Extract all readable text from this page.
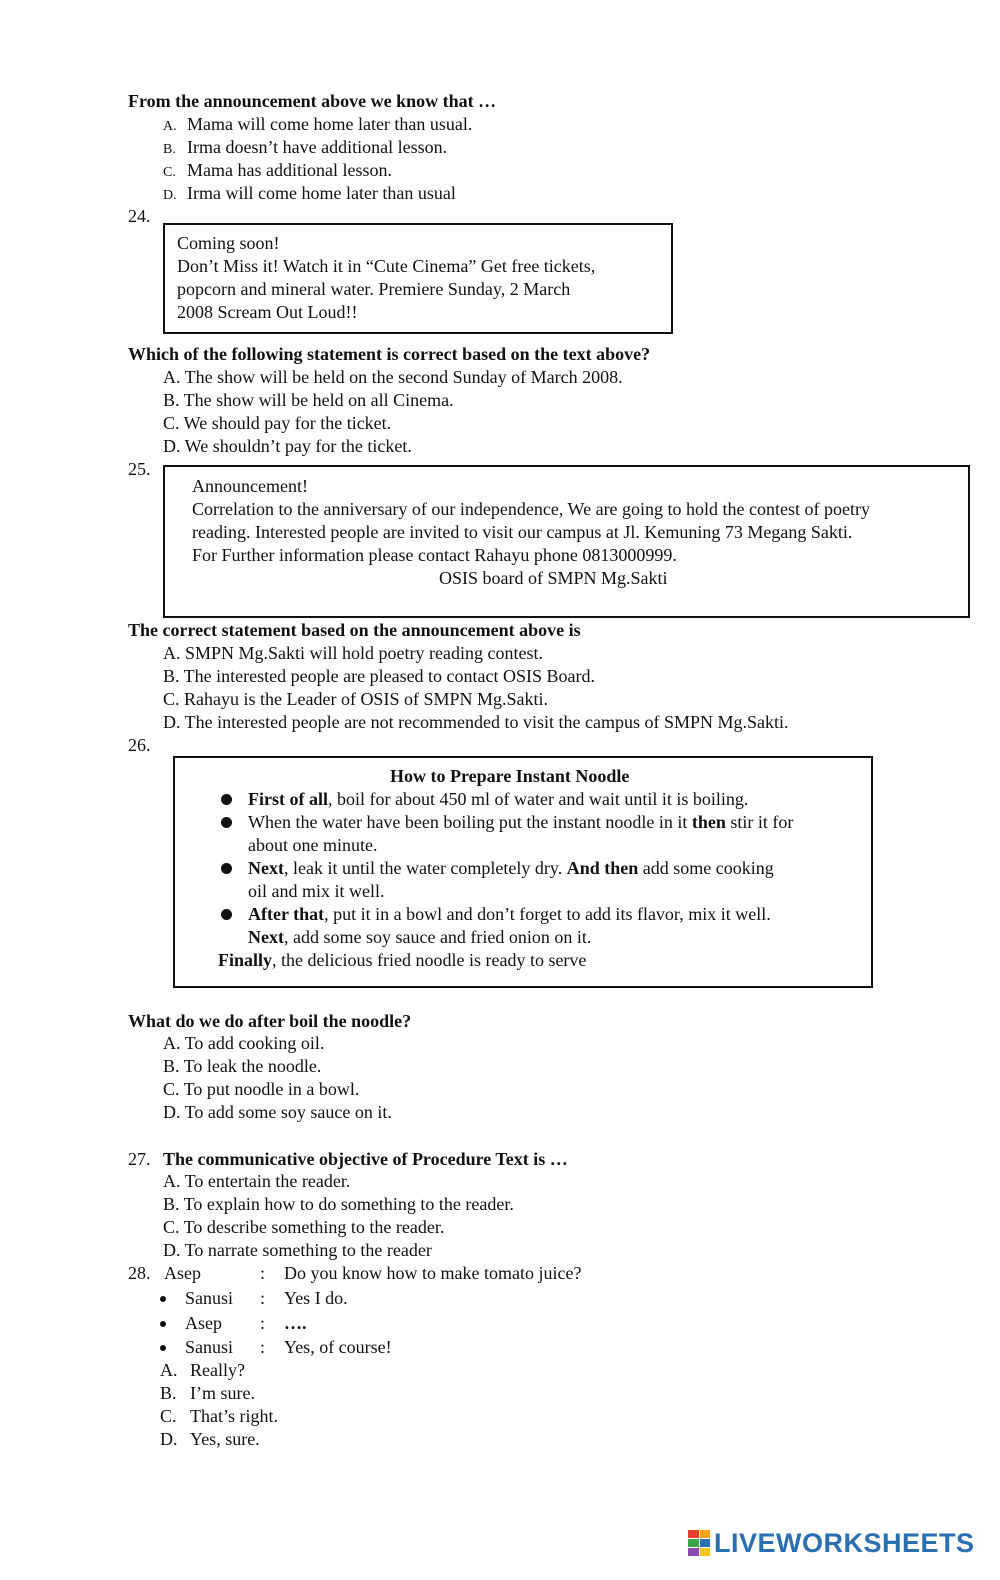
From the announcement above we know that …
A. Mama will come home later than usual.
B. Irma doesn’t have additional lesson.
C. Mama has additional lesson.
D. Irma will come home later than usual
24.
Coming soon!
Don’t Miss it! Watch it in “Cute Cinema” Get free tickets,
popcorn and mineral water. Premiere Sunday, 2 March
2008 Scream Out Loud!!
Which of the following statement is correct based on the text above?
A. The show will be held on the second Sunday of March 2008.
B. The show will be held on all Cinema.
C. We should pay for the ticket.
D. We shouldn’t pay for the ticket.
25.
Announcement!
Correlation to the anniversary of our independence, We are going to hold the contest of poetry
reading. Interested people are invited to visit our campus at Jl. Kemuning 73 Megang Sakti.
For Further information please contact Rahayu phone 0813000999.
OSIS board of SMPN Mg.Sakti
The correct statement based on the announcement above is
A. SMPN Mg.Sakti will hold poetry reading contest.
B. The interested people are pleased to contact OSIS Board.
C. Rahayu is the Leader of OSIS of SMPN Mg.Sakti.
D. The interested people are not recommended to visit the campus of SMPN Mg.Sakti.
26.
How to Prepare Instant Noodle
First of all, boil for about 450 ml of water and wait until it is boiling.
When the water have been boiling put the instant noodle in it then stir it for
about one minute.
Next, leak it until the water completely dry. And then add some cooking
oil and mix it well.
After that, put it in a bowl and don’t forget to add its flavor, mix it well.
Next, add some soy sauce and fried onion on it.
Finally, the delicious fried noodle is ready to serve
What do we do after boil the noodle?
A. To add cooking oil.
B. To leak the noodle.
C. To put noodle in a bowl.
D. To add some soy sauce on it.
27. The communicative objective of Procedure Text is …
A. To entertain the reader.
B. To explain how to do something to the reader.
C. To describe something to the reader.
D. To narrate something to the reader
28. Asep	: Do you know how to make tomato juice?
Sanusi : Yes I do.
Asep : ….
Sanusi : Yes, of course!
A. Really?
B. I’m sure.
C. That’s right.
D. Yes, sure.
LIVEWORKSHEETS
